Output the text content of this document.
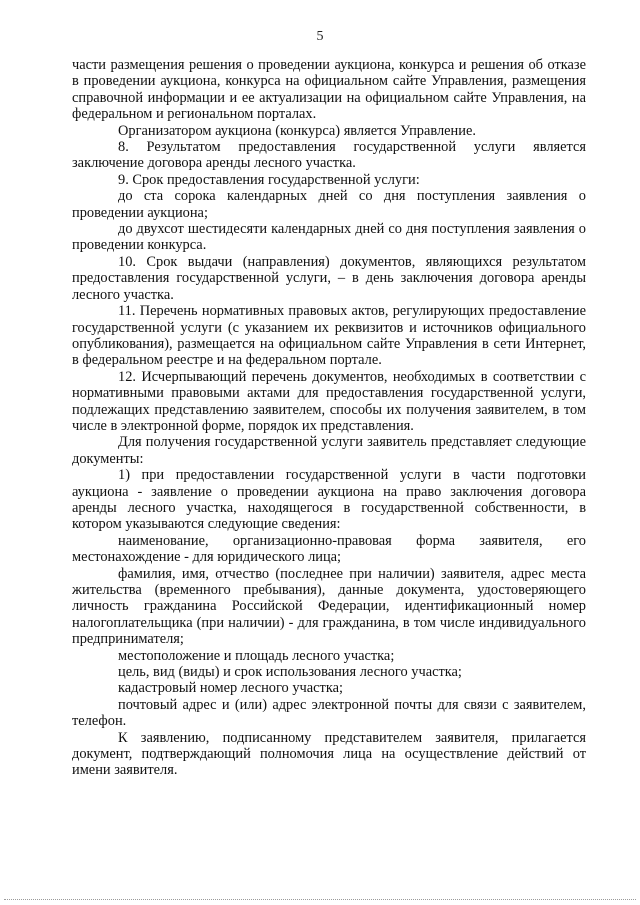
5

части размещения решения о проведении аукциона, конкурса и решения об отказе в проведении аукциона, конкурса на официальном сайте Управления, размещения справочной информации и ее актуализации на официальном сайте Управления, на федеральном и региональном порталах.

Организатором аукциона (конкурса) является Управление.

8. Результатом предоставления государственной услуги является заключение договора аренды лесного участка.

9. Срок предоставления государственной услуги:

до ста сорока календарных дней со дня поступления заявления о проведении аукциона;

до двухсот шестидесяти календарных дней со дня поступления заявления о проведении конкурса.

10. Срок выдачи (направления) документов, являющихся результатом предоставления государственной услуги, – в день заключения договора аренды лесного участка.

11. Перечень нормативных правовых актов, регулирующих предоставление государственной услуги (с указанием их реквизитов и источников официального опубликования), размещается на официальном сайте Управления в сети Интернет, в федеральном реестре и на федеральном портале.

12. Исчерпывающий перечень документов, необходимых в соответствии с нормативными правовыми актами для предоставления государственной услуги, подлежащих представлению заявителем, способы их получения заявителем, в том числе в электронной форме, порядок их представления.

Для получения государственной услуги заявитель представляет следующие документы:

1) при предоставлении государственной услуги в части подготовки аукциона - заявление о проведении аукциона на право заключения договора аренды лесного участка, находящегося в государственной собственности, в котором указываются следующие сведения:

наименование, организационно-правовая форма заявителя, его местонахождение - для юридического лица;

фамилия, имя, отчество (последнее при наличии) заявителя, адрес места жительства (временного пребывания), данные документа, удостоверяющего личность гражданина Российской Федерации, идентификационный номер налогоплательщика (при наличии) - для гражданина, в том числе индивидуального предпринимателя;

местоположение и площадь лесного участка;

цель, вид (виды) и срок использования лесного участка;

кадастровый номер лесного участка;

почтовый адрес и (или) адрес электронной почты для связи с заявителем, телефон.

К заявлению, подписанному представителем заявителя, прилагается документ, подтверждающий полномочия лица на осуществление действий от имени заявителя.
